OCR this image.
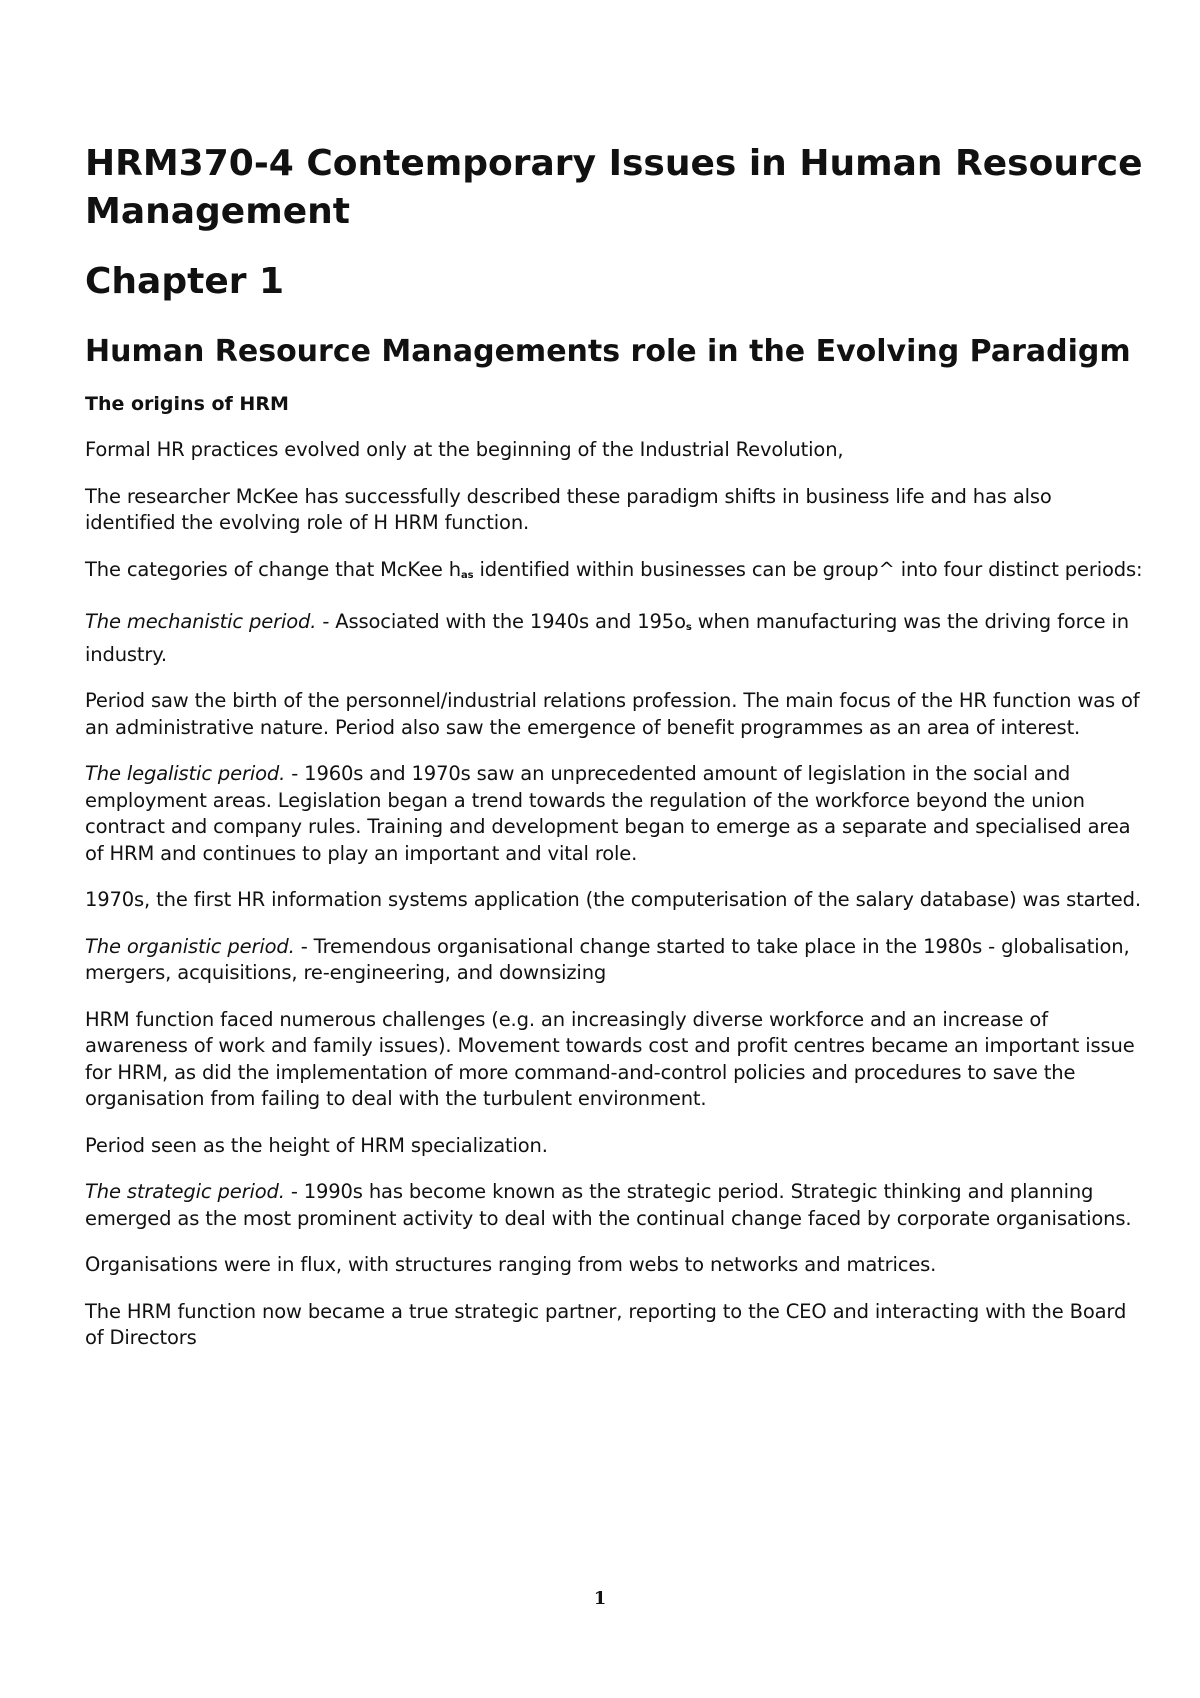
HRM370-4 Contemporary Issues in Human Resource Management
Chapter 1
Human Resource Managements role in the Evolving Paradigm
The origins of HRM

Formal HR practices evolved only at the beginning of the Industrial Revolution,

The researcher McKee has successfully described these paradigm shifts in business life and has also identified the evolving role of H HRM function.

The categories of change that McKee $h_{as}$ identified within businesses can be group^ into four distinct periods:

The mechanistic period. - Associated with the 1940s and $195o_s$ when manufacturing was the driving force in industry.

Period saw the birth of the personnel/industrial relations profession. The main focus of the HR function was of an administrative nature. Period also saw the emergence of benefit programmes as an area of interest.

The legalistic period. - 1960s and 1970s saw an unprecedented amount of legislation in the social and employment areas. Legislation began a trend towards the regulation of the workforce beyond the union contract and company rules. Training and development began to emerge as a separate and specialised area of HRM and continues to play an important and vital role.

1970s, the first HR information systems application (the computerisation of the salary database) was started.

The organistic period. - Tremendous organisational change started to take place in the 1980s - globalisation, mergers, acquisitions, re-engineering, and downsizing

HRM function faced numerous challenges (e.g. an increasingly diverse workforce and an increase of awareness of work and family issues). Movement towards cost and profit centres became an important issue for HRM, as did the implementation of more command-and-control policies and procedures to save the organisation from failing to deal with the turbulent environment.

Period seen as the height of HRM specialization.

The strategic period. - 1990s has become known as the strategic period. Strategic thinking and planning emerged as the most prominent activity to deal with the continual change faced by corporate organisations.

Organisations were in flux, with structures ranging from webs to networks and matrices.

The HRM function now became a true strategic partner, reporting to the CEO and interacting with the Board of Directors

1
